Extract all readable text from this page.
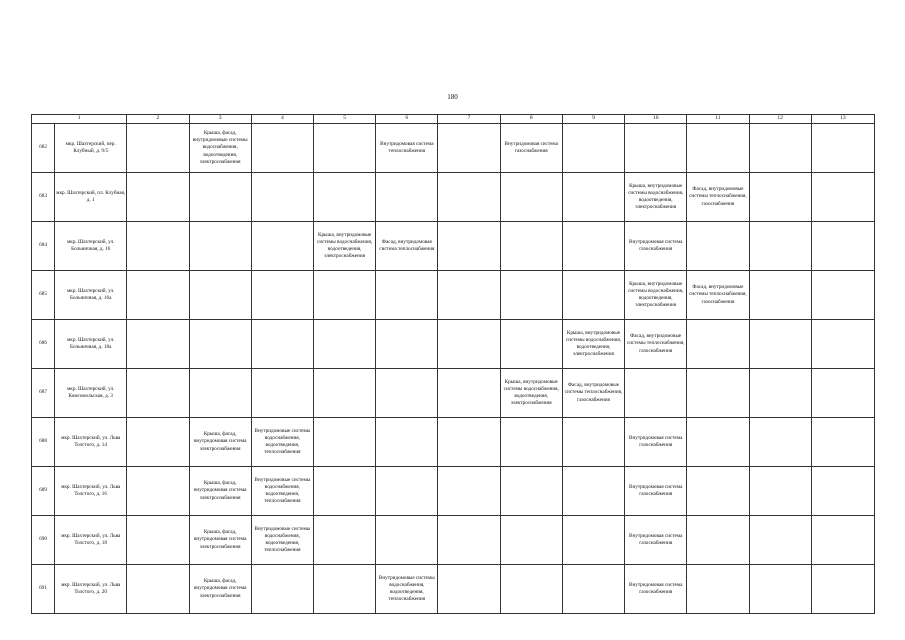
180
1		2	3	4	5	6	7	8	9	10	11	12	13
682	мкр. Шахтерский, пер. Клубный, д. 9/5		Крыша, фасад, внутридомовые системы водоснабжения, водоотведения, электроснабжения			Внутридомовая система теплоснабжения		Внутридомовая система газоснабжения					
683	мкр. Шахтерский, пл. Клубная, д. 1									Крыша, внутридомовые системы водоснабжения, водоотведения, электроснабжения	Фасад, внутридомовые системы теплоснабжения, газоснабжения		
684	мкр. Шахтерский, ул. Больничная, д. 16				Крыша, внутридомовые системы водоснабжения, водоотведения, электроснабжения	Фасад, внутридомовая система теплоснабжения				Внутридомовая система газоснабжения			
685	мкр. Шахтерский, ул. Больничная, д. 16а									Крыша, внутридомовые системы водоснабжения, водоотведения, электроснабжения	Фасад, внутридомовые системы теплоснабжения, газоснабжения		
686	мкр. Шахтерский, ул. Больничная, д. 18а								Крыша, внутридомовые системы водоснабжения, водоотведения, электроснабжения	Фасад, внутридомовые системы теплоснабжения, газоснабжения			
687	мкр. Шахтерский, ул. Комсомольская, д. 3							Крыша, внутридомовые системы водоснабжения, водоотведения, электроснабжения	Фасад, внутридомовые системы теплоснабжения, газоснабжения				
688	мкр. Шахтерский, ул. Льва Толстого, д. 14		Крыша, фасад, внутридомовая система электроснабжения	Внутридомовые системы водоснабжения, водоотведения, теплоснабжения						Внутридомовая система газоснабжения			
689	мкр. Шахтерский, ул. Льва Толстого, д. 16		Крыша, фасад, внутридомовая система электроснабжения	Внутридомовые системы водоснабжения, водоотведения, теплоснабжения						Внутридомовая система газоснабжения			
690	мкр. Шахтерский, ул. Льва Толстого, д. 18		Крыша, фасад, внутридомовая система электроснабжения	Внутридомовые системы водоснабжения, водоотведения, теплоснабжения						Внутридомовая система газоснабжения			
691	мкр. Шахтерский, ул. Льва Толстого, д. 20		Крыша, фасад, внутридомовая система электроснабжения			Внутридомовые системы водоснабжения, водоотведения, теплоснабжения				Внутридомовая система газоснабжения			
